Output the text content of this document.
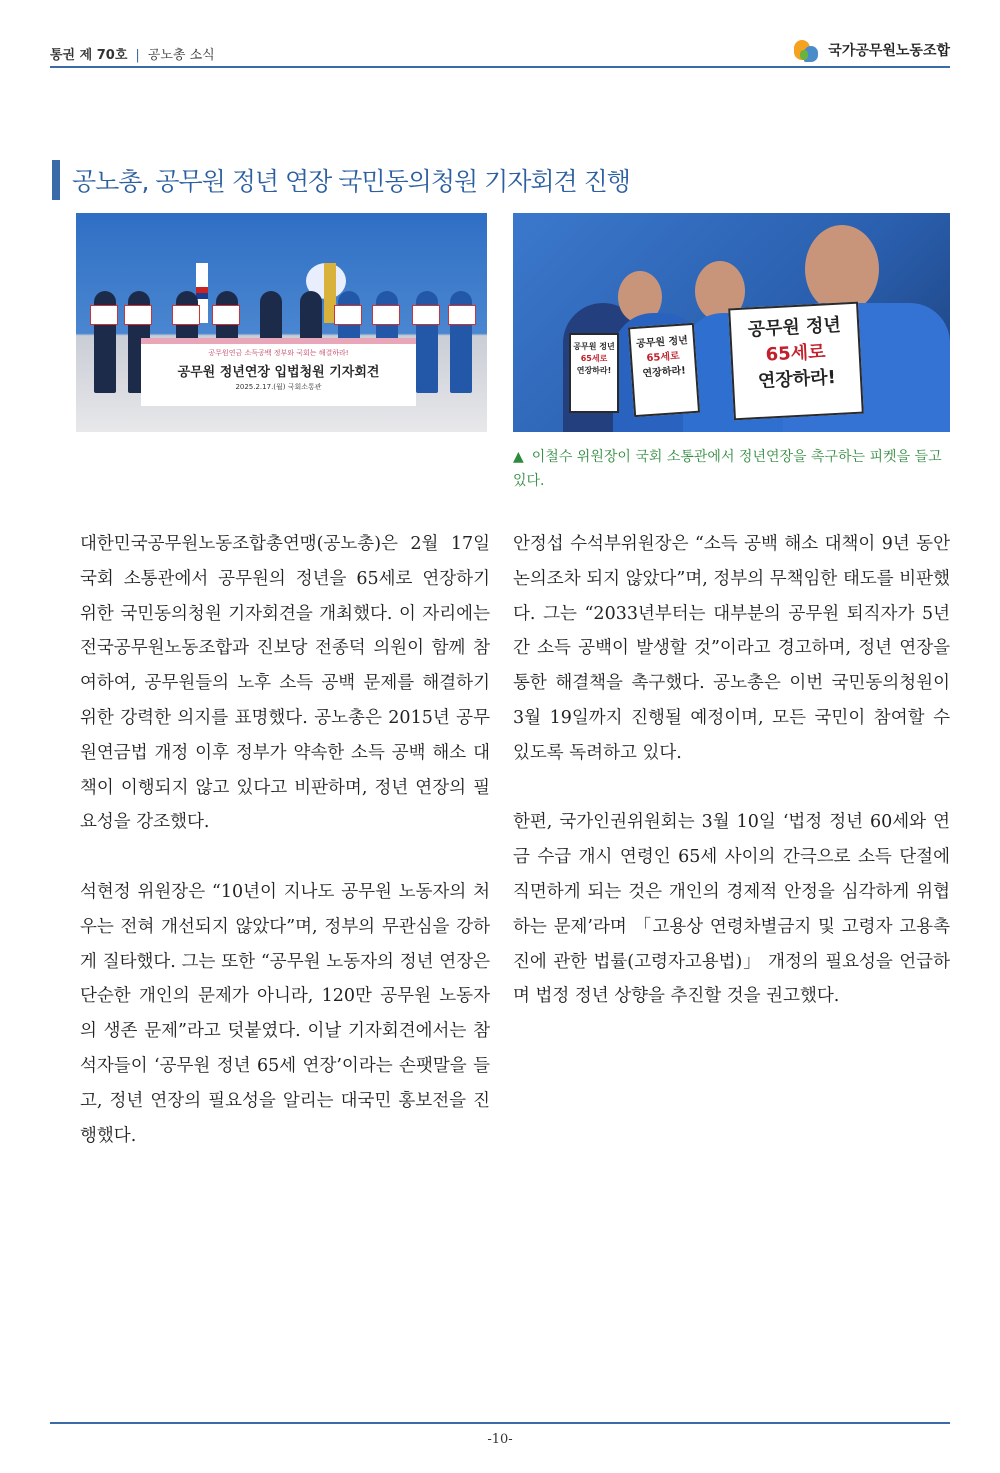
통권 제 70호 | 공노총 소식	국가공무원노동조합
공노총, 공무원 정년 연장 국민동의청원 기자회견 진행
공무원연금 소득공백 정부와 국회는 해결하라!
공무원 정년연장 입법청원 기자회견
2025.2.17.(월) 국회소통관
공무원 정년
65세로
연장하라!
공무원 정년
65세로
연장하라!
공무원 정년
65세로
연장하라!
▲ 이철수 위원장이 국회 소통관에서 정년연장을 촉구하는 피켓을 들고 있다.

대한민국공무원노동조합총연맹(공노총)은 2월 17일 국회 소통관에서 공무원의 정년을 65세로 연장하기 위한 국민동의청원 기자회견을 개최했다. 이 자리에는 전국공무원노동조합과 진보당 전종덕 의원이 함께 참여하여, 공무원들의 노후 소득 공백 문제를 해결하기 위한 강력한 의지를 표명했다. 공노총은 2015년 공무원연금법 개정 이후 정부가 약속한 소득 공백 해소 대책이 이행되지 않고 있다고 비판하며, 정년 연장의 필요성을 강조했다.

석현정 위원장은 “10년이 지나도 공무원 노동자의 처우는 전혀 개선되지 않았다”며, 정부의 무관심을 강하게 질타했다. 그는 또한 “공무원 노동자의 정년 연장은 단순한 개인의 문제가 아니라, 120만 공무원 노동자의 생존 문제”라고 덧붙였다. 이날 기자회견에서는 참석자들이 ‘공무원 정년 65세 연장’이라는 손팻말을 들고, 정년 연장의 필요성을 알리는 대국민 홍보전을 진행했다.

안정섭 수석부위원장은 “소득 공백 해소 대책이 9년 동안 논의조차 되지 않았다”며, 정부의 무책임한 태도를 비판했다. 그는 “2033년부터는 대부분의 공무원 퇴직자가 5년간 소득 공백이 발생할 것”이라고 경고하며, 정년 연장을 통한 해결책을 촉구했다. 공노총은 이번 국민동의청원이 3월 19일까지 진행될 예정이며, 모든 국민이 참여할 수 있도록 독려하고 있다.

한편, 국가인권위원회는 3월 10일 ‘법정 정년 60세와 연금 수급 개시 연령인 65세 사이의 간극으로 소득 단절에 직면하게 되는 것은 개인의 경제적 안정을 심각하게 위협하는 문제’라며 「고용상 연령차별금지 및 고령자 고용촉진에 관한 법률(고령자고용법)」 개정의 필요성을 언급하며 법정 정년 상향을 추진할 것을 권고했다.

-10-
